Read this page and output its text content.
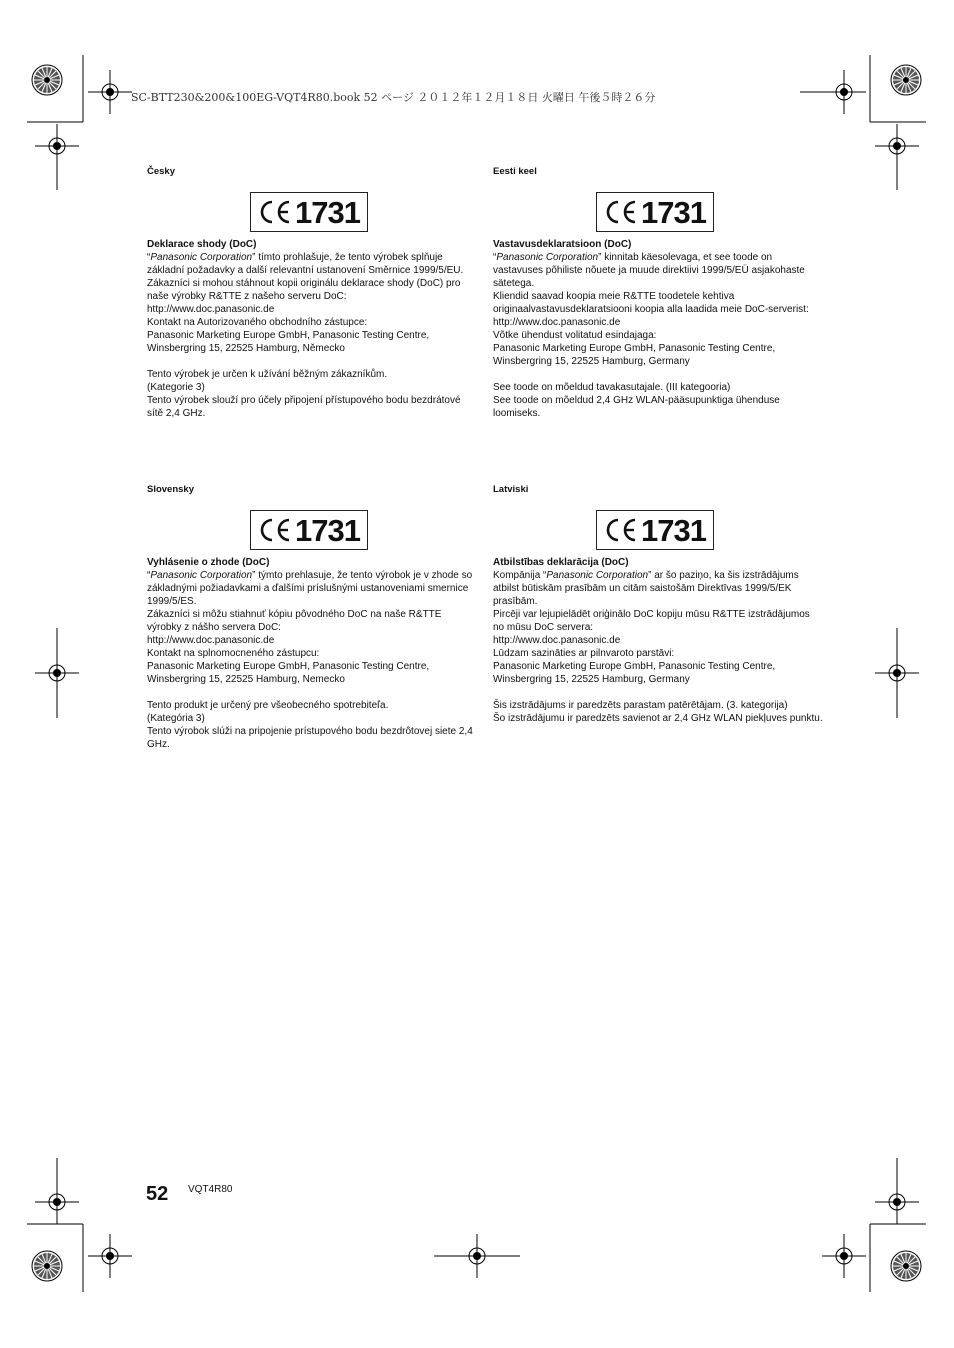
SC-BTT230&200&100EG-VQT4R80.book 52 ページ ２０１２年１２月１８日 火曜日 午後５時２６分

Česky

1731

Deklarace shody (DoC)

“Panasonic Corporation” tímto prohlašuje, že tento výrobek splňuje základní požadavky a další relevantní ustanovení Směrnice 1999/5/EU.

Zákazníci si mohou stáhnout kopii originálu deklarace shody (DoC) pro naše výrobky R&TTE z našeho serveru DoC:

http://www.doc.panasonic.de

Kontakt na Autorizovaného obchodního zástupce:

Panasonic Marketing Europe GmbH, Panasonic Testing Centre,

Winsbergring 15, 22525 Hamburg, Německo

Tento výrobek je určen k užívání běžným zákazníkům.

(Kategorie 3)

Tento výrobek slouží pro účely připojení přístupového bodu bezdrátové sítě 2,4 GHz.

Eesti keel

1731

Vastavusdeklaratsioon (DoC)

“Panasonic Corporation” kinnitab käesolevaga, et see toode on vastavuses põhiliste nõuete ja muude direktiivi 1999/5/EÜ asjakohaste sätetega.

Kliendid saavad koopia meie R&TTE toodetele kehtiva originaalvastavusdeklaratsiooni koopia alla laadida meie DoC-serverist:

http://www.doc.panasonic.de

Võtke ühendust volitatud esindajaga:

Panasonic Marketing Europe GmbH, Panasonic Testing Centre,

Winsbergring 15, 22525 Hamburg, Germany

See toode on mõeldud tavakasutajale. (III kategooria)

See toode on mõeldud 2,4 GHz WLAN-pääsupunktiga ühenduse loomiseks.

Slovensky

1731

Vyhlásenie o zhode (DoC)

“Panasonic Corporation” týmto prehlasuje, že tento výrobok je v zhode so základnými požiadavkami a ďalšími príslušnými ustanoveniami smernice 1999/5/ES.

Zákazníci si môžu stiahnuť kópiu pôvodného DoC na naše R&TTE výrobky z nášho servera DoC:

http://www.doc.panasonic.de

Kontakt na splnomocneného zástupcu:

Panasonic Marketing Europe GmbH, Panasonic Testing Centre,

Winsbergring 15, 22525 Hamburg, Nemecko

Tento produkt je určený pre všeobecného spotrebiteľa.

(Kategória 3)

Tento výrobok slúži na pripojenie prístupového bodu bezdrôtovej siete 2,4 GHz.

Latviski

1731

Atbilstības deklarācija (DoC)

Kompānija “Panasonic Corporation” ar šo paziņo, ka šis izstrādājums atbilst būtiskām prasībām un citām saistošām Direktīvas 1999/5/EK prasībām.

Pircēji var lejupielādēt oriģinālo DoC kopiju mūsu R&TTE izstrādājumos no mūsu DoC servera:

http://www.doc.panasonic.de

Lūdzam sazināties ar pilnvaroto parstāvi:

Panasonic Marketing Europe GmbH, Panasonic Testing Centre,

Winsbergring 15, 22525 Hamburg, Germany

Šis izstrādājums ir paredzēts parastam patērētājam. (3. kategorija)

Šo izstrādājumu ir paredzēts savienot ar 2,4 GHz WLAN piekļuves punktu.

52 VQT4R80
